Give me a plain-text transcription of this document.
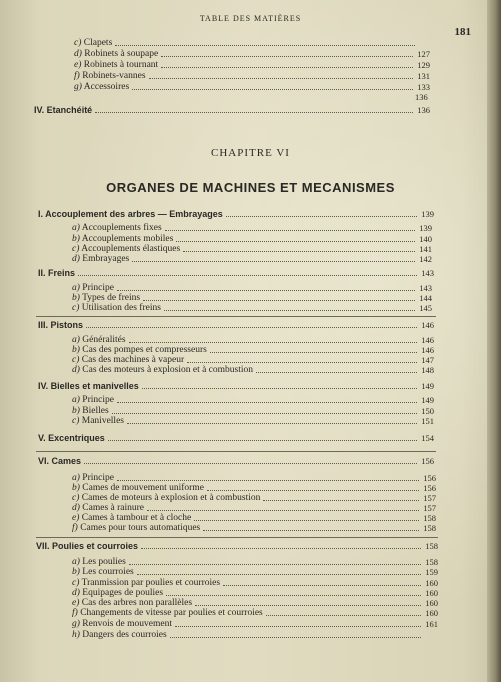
TABLE DES MATIÈRES
181
c) Clapets
d) Robinets à soupape	127
e) Robinets à tournant	129
f) Robinets-vannes	131
g) Accessoires	133
136
IV. Etanchéité	136
CHAPITRE VI
ORGANES DE MACHINES ET MECANISMES
I. Accouplement des arbres — Embrayages	139
a) Accouplements fixes	139
b) Accouplements mobiles	140
c) Accouplements élastiques	141
d) Embrayages	142
II. Freins	143
a) Principe	143
b) Types de freins	144
c) Utilisation des freins	145
III. Pistons	146
a) Généralités	146
b) Cas des pompes et compresseurs	146
c) Cas des machines à vapeur	147
d) Cas des moteurs à explosion et à combustion	148
IV. Bielles et manivelles	149
a) Principe	149
b) Bielles	150
c) Manivelles	151
V. Excentriques	154
VI. Cames	156
a) Principe	156
b) Cames de mouvement uniforme	156
c) Cames de moteurs à explosion et à combustion	157
d) Cames à rainure	157
e) Cames à tambour et à cloche	158
f) Cames pour tours automatiques	158
VII. Poulies et courroies	158
a) Les poulies	158
b) Les courroies	159
c) Tranmission par poulies et courroies	160
d) Equipages de poulies	160
e) Cas des arbres non parallèles	160
f) Changements de vitesse par poulies et courroies	160
g) Renvois de mouvement	161
h) Dangers des courroies
